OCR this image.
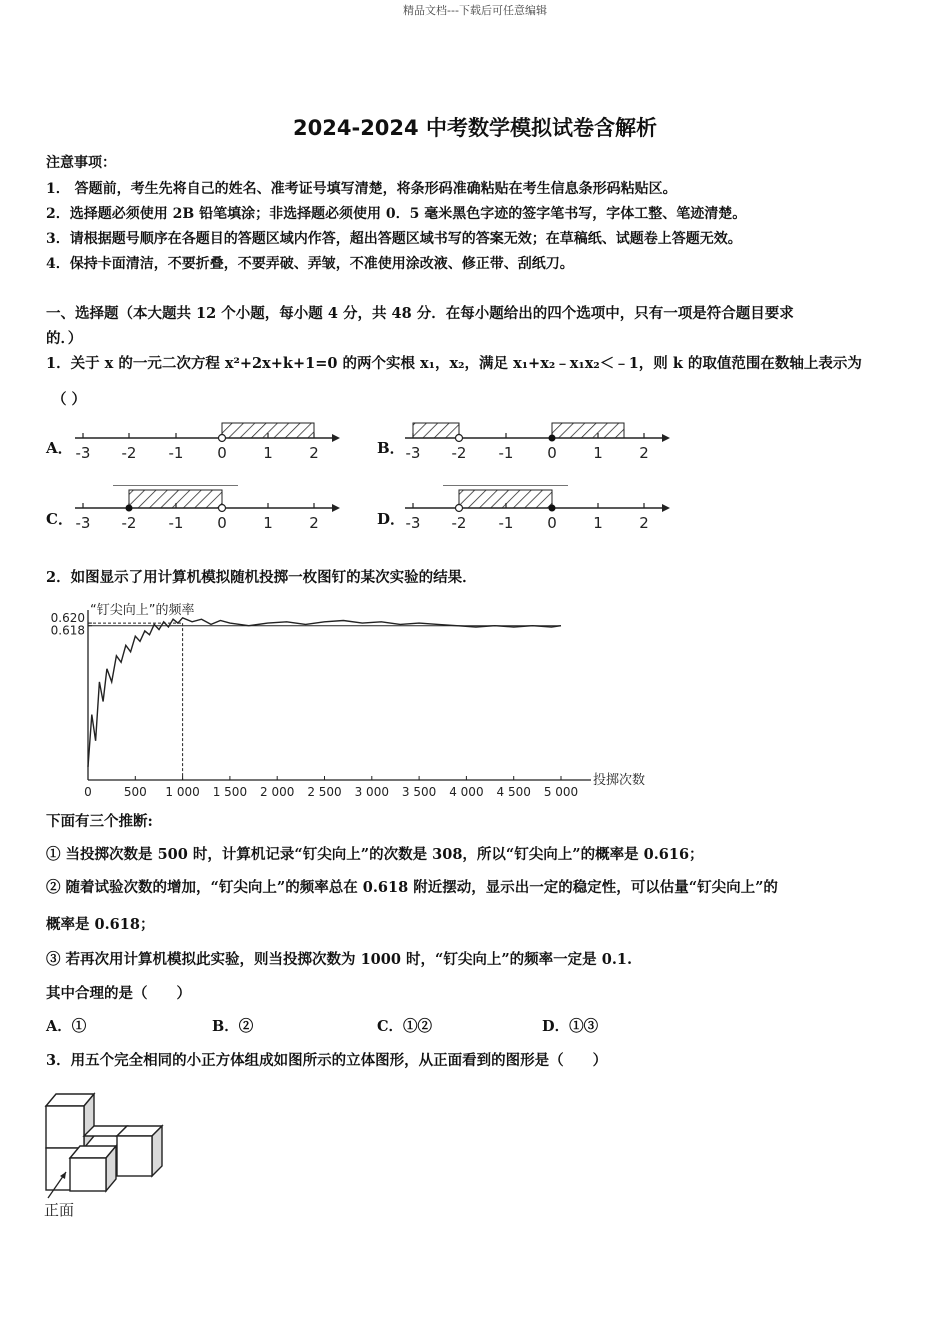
精品文档---下载后可任意编辑
2024-2024 中考数学模拟试卷含解析
注意事项：
1． 答题前，考生先将自己的姓名、准考证号填写清楚，将条形码准确粘贴在考生信息条形码粘贴区。
2．选择题必须使用 2B 铅笔填涂；非选择题必须使用 0．5 毫米黑色字迹的签字笔书写，字体工整、笔迹清楚。
3．请根据题号顺序在各题目的答题区域内作答，超出答题区域书写的答案无效；在草稿纸、试题卷上答题无效。
4．保持卡面清洁，不要折叠，不要弄破、弄皱，不准使用涂改液、修正带、刮纸刀。
一、选择题（本大题共 12 个小题，每小题 4 分，共 48 分．在每小题给出的四个选项中，只有一项是符合题目要求
的．）
1．关于 x 的一元二次方程 x²+2x+k+1=0 的两个实根 x₁，x₂，满足 x₁+x₂﹣x₁x₂＜﹣1，则 k 的取值范围在数轴上表示为
（ ）
A．	B．
C．	D．
-3 -2 -1 0 1 2	-3 -2 -1 0 1 2
-3 -2 -1 0 1 2	-3 -2 -1 0 1 2
2．如图显示了用计算机模拟随机投掷一枚图钉的某次实验的结果．
“钉尖向上”的频率
投掷次数
0	500 1 000 1 500 2 000 2 500 3 000 3 500 4 000 4 500 5 000
0.620
0.618
下面有三个推断:
① 当投掷次数是 500 时，计算机记录“钉尖向上”的次数是 308，所以“钉尖向上”的概率是 0.616；
② 随着试验次数的增加，“钉尖向上”的频率总在 0.618 附近摆动，显示出一定的稳定性，可以估量“钉尖向上”的
概率是 0.618；
③ 若再次用计算机模拟此实验，则当投掷次数为 1000 时，“钉尖向上”的频率一定是 0.1.
其中合理的是（　　）
A．①	B．②	C．①②	D．①③
3．用五个完全相同的小正方体组成如图所示的立体图形，从正面看到的图形是（　　）
正面
